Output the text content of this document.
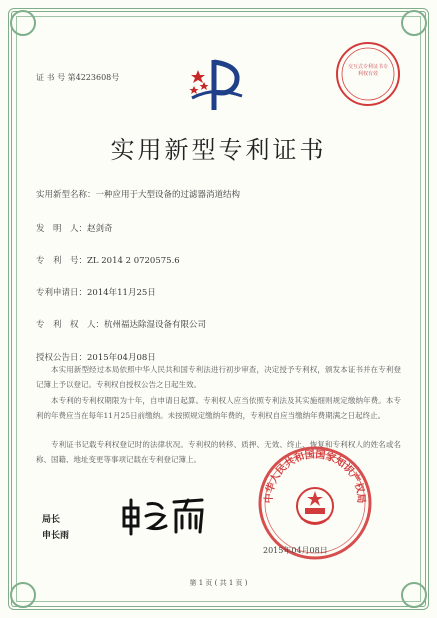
证 书 号 第4223608号
交互式专利证书专利权有效
实用新型专利证书
实用新型名称：一种应用于大型设备的过滤器消道结构
发　明　人：赵剑奇
专　利　号：ZL 2014 2 0720575.6
专利申请日：2014年11月25日
专　利　权　人：杭州福达除湿设备有限公司
授权公告日：2015年04月08日

本实用新型经过本局依照中华人民共和国专利法进行初步审查，决定授予专利权，颁发本证书并在专利登记簿上予以登记。专利权自授权公告之日起生效。

本专利的专利权期限为十年，自申请日起算。专利权人应当依照专利法及其实施细则规定缴纳年费。本专利的年费应当在每年11月25日前缴纳。未按照规定缴纳年费的，专利权自应当缴纳年费期满之日起终止。

专利证书记载专利权登记时的法律状况。专利权的转移、质押、无效、终止、恢复和专利权人的姓名或名称、国籍、地址变更等事项记载在专利登记簿上。

局长
申长雨
中华人民共和国国家知识产权局
2015年04月08日
第 1 页 ( 共 1 页 )
